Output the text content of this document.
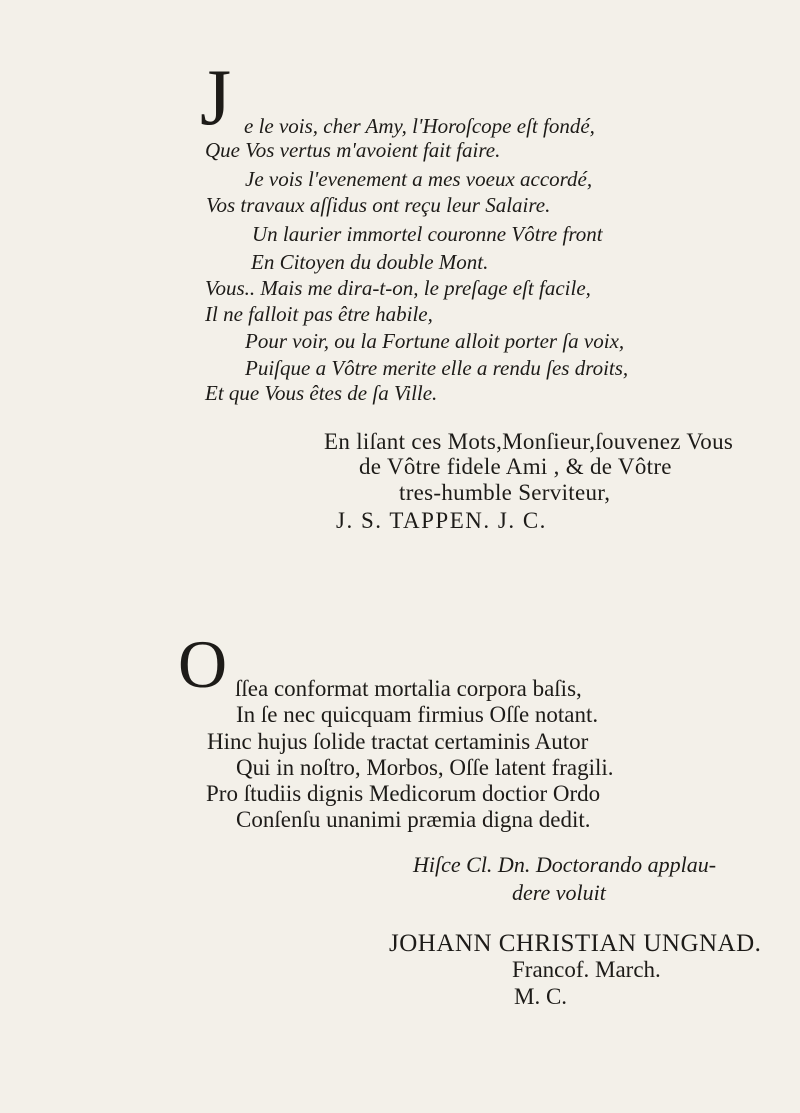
J e le vois, cher Amy, l'Horoſcope eſt fondé,

Que Vos vertus m'avoient fait faire.

Je vois l'evenement a mes voeux accordé,

Vos travaux aſſidus ont reçu leur Salaire.

Un laurier immortel couronne Vôtre front

En Citoyen du double Mont.

Vous.. Mais me dira-t-on, le preſage eſt facile,

Il ne falloit pas être habile,

Pour voir, ou la Fortune alloit porter ſa voix,

Puiſque a Vôtre merite elle a rendu ſes droits,

Et que Vous êtes de ſa Ville.

En liſant ces Mots,Monſieur,ſouvenez Vous

de Vôtre fidele Ami , & de Vôtre

tres-humble Serviteur,

J. S. TAPPEN. J. C.

O ſſea conformat mortalia corpora baſis,

In ſe nec quicquam firmius Oſſe notant.

Hinc hujus ſolide tractat certaminis Autor

Qui in noſtro, Morbos, Oſſe latent fragili.

Pro ſtudiis dignis Medicorum doctior Ordo

Conſenſu unanimi præmia digna dedit.

Hiſce Cl. Dn. Doctorando applau-

dere voluit

JOHANN CHRISTIAN UNGNAD.

Francof. March.

M. C.
